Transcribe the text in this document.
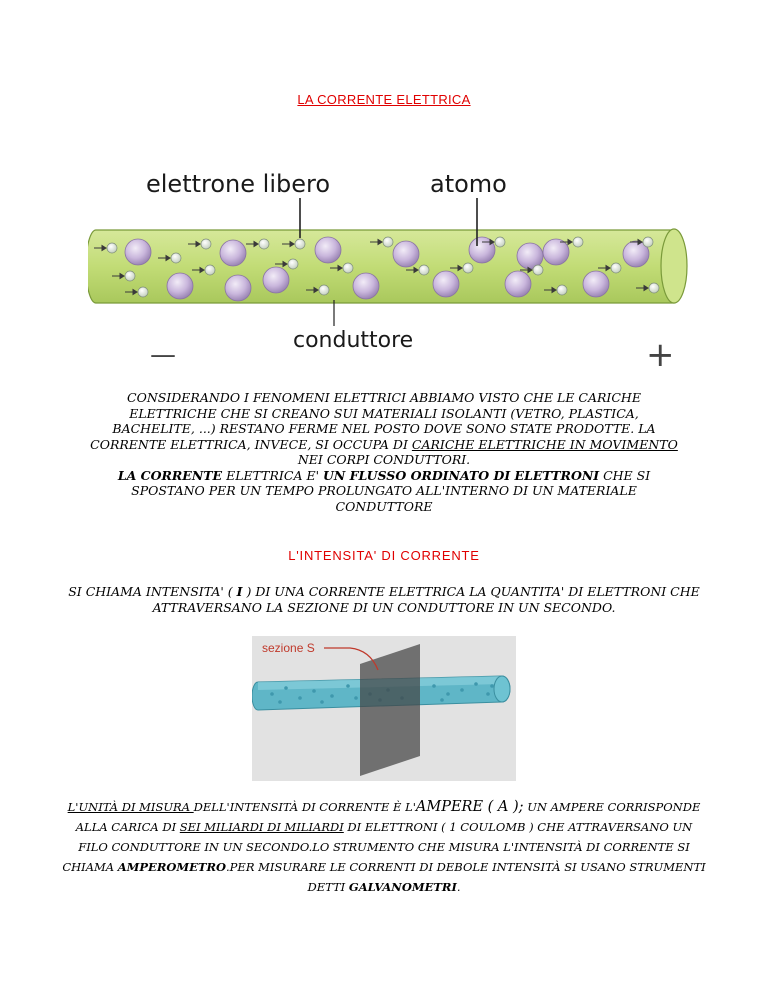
LA CORRENTE ELETTRICA
elettrone libero	atomo
conduttore
—	+
CONSIDERANDO I FENOMENI ELETTRICI ABBIAMO VISTO CHE LE CARICHE ELETTRICHE CHE SI CREANO SUI MATERIALI ISOLANTI (VETRO, PLASTICA, BACHELITE, ...) RESTANO FERME NEL POSTO DOVE SONO STATE PRODOTTE. LA CORRENTE ELETTRICA, INVECE, SI OCCUPA DI CARICHE ELETTRICHE IN MOVIMENTO NEI CORPI CONDUTTORI.
LA CORRENTE ELETTRICA E' UN FLUSSO ORDINATO DI ELETTRONI CHE SI SPOSTANO PER UN TEMPO PROLUNGATO ALL'INTERNO DI UN MATERIALE CONDUTTORE
L'INTENSITA' DI CORRENTE
SI CHIAMA INTENSITA' ( I ) DI UNA CORRENTE ELETTRICA LA QUANTITA' DI ELETTRONI CHE ATTRAVERSANO LA SEZIONE DI UN CONDUTTORE IN UN SECONDO.
sezione S
L'UNITÀ DI MISURA DELL'INTENSITÀ DI CORRENTE È L'AMPERE ( A ); UN AMPERE CORRISPONDE ALLA CARICA DI SEI MILIARDI DI MILIARDI DI ELETTRONI ( 1 COULOMB ) CHE ATTRAVERSANO UN FILO CONDUTTORE IN UN SECONDO.LO STRUMENTO CHE MISURA L'INTENSITÀ DI CORRENTE SI CHIAMA AMPEROMETRO.PER MISURARE LE CORRENTI DI DEBOLE INTENSITÀ SI USANO STRUMENTI DETTI GALVANOMETRI.
